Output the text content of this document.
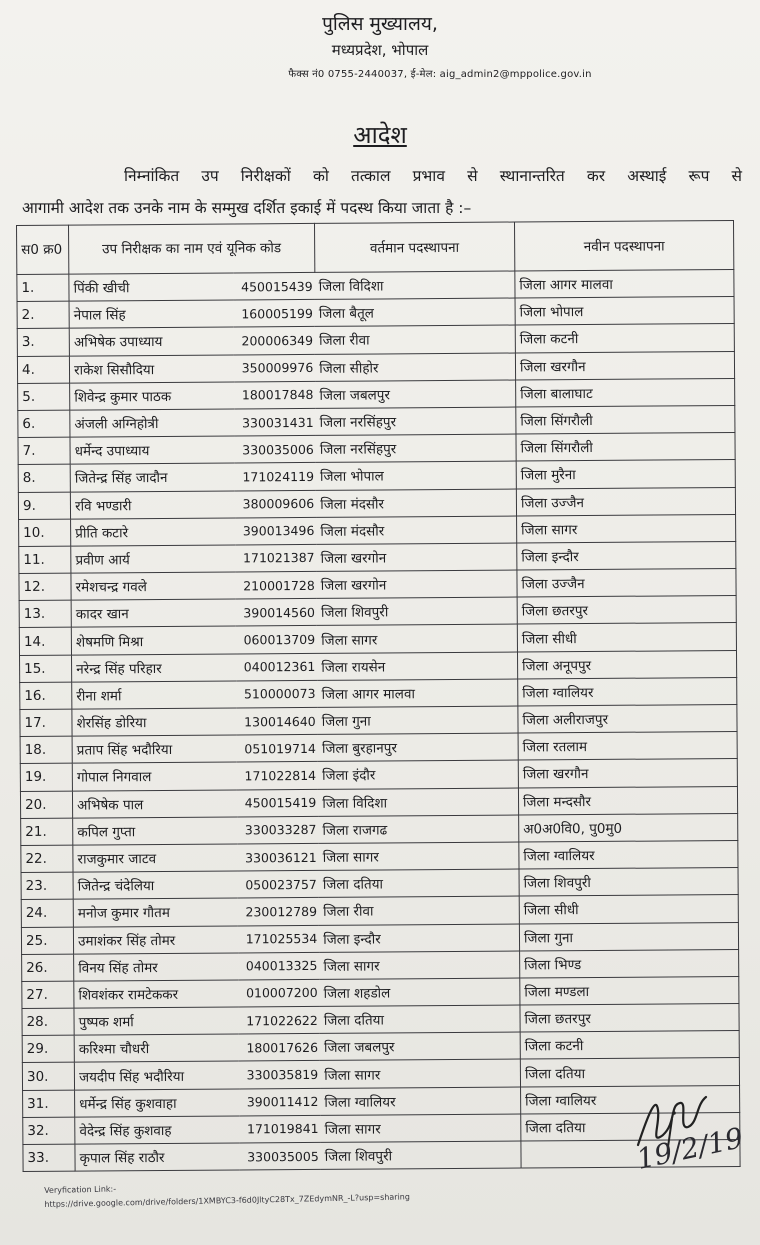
पुलिस मुख्यालय,
मध्यप्रदेश, भोपाल
फैक्स नं0 0755-2440037, ई-मेल: aig_admin2@mppolice.gov.in
आदेश
निम्नांकित उप निरीक्षकों को तत्काल प्रभाव से स्थानान्तरित कर अस्थाई रूप से
आगामी आदेश तक उनके नाम के सम्मुख दर्शित इकाई में पदस्थ किया जाता है :–
स0 क्र0	उप निरीक्षक का नाम एवं यूनिक कोड		वर्तमान पदस्थापना	नवीन पदस्थापना
1.	पिंकी खीची	450015439	जिला विदिशा	जिला आगर मालवा
2.	नेपाल सिंह	160005199	जिला बैतूल	जिला भोपाल
3.	अभिषेक उपाध्याय	200006349	जिला रीवा	जिला कटनी
4.	राकेश सिसौदिया	350009976	जिला सीहोर	जिला खरगौन
5.	शिवेन्द्र कुमार पाठक	180017848	जिला जबलपुर	जिला बालाघाट
6.	अंजली अग्निहोत्री	330031431	जिला नरसिंहपुर	जिला सिंगरौली
7.	धर्मेन्द उपाध्याय	330035006	जिला नरसिंहपुर	जिला सिंगरौली
8.	जितेन्द्र सिंह जादौन	171024119	जिला भोपाल	जिला मुरैना
9.	रवि भण्डारी	380009606	जिला मंदसौर	जिला उज्जैन
10.	प्रीति कटारे	390013496	जिला मंदसौर	जिला सागर
11.	प्रवीण आर्य	171021387	जिला खरगोन	जिला इन्दौर
12.	रमेशचन्द्र गवले	210001728	जिला खरगोन	जिला उज्जैन
13.	कादर खान	390014560	जिला शिवपुरी	जिला छतरपुर
14.	शेषमणि मिश्रा	060013709	जिला सागर	जिला सीधी
15.	नरेन्द्र सिंह परिहार	040012361	जिला रायसेन	जिला अनूपपुर
16.	रीना शर्मा	510000073	जिला आगर मालवा	जिला ग्वालियर
17.	शेरसिंह डोरिया	130014640	जिला गुना	जिला अलीराजपुर
18.	प्रताप सिंह भदौरिया	051019714	जिला बुरहानपुर	जिला रतलाम
19.	गोपाल निगवाल	171022814	जिला इंदौर	जिला खरगौन
20.	अभिषेक पाल	450015419	जिला विदिशा	जिला मन्दसौर
21.	कपिल गुप्ता	330033287	जिला राजगढ	अ0अ0वि0, पु0मु0
22.	राजकुमार जाटव	330036121	जिला सागर	जिला ग्वालियर
23.	जितेन्द्र चंदेलिया	050023757	जिला दतिया	जिला शिवपुरी
24.	मनोज कुमार गौतम	230012789	जिला रीवा	जिला सीधी
25.	उमाशंकर सिंह तोमर	171025534	जिला इन्दौर	जिला गुना
26.	विनय सिंह तोमर	040013325	जिला सागर	जिला भिण्ड
27.	शिवशंकर रामटेककर	010007200	जिला शहडोल	जिला मण्डला
28.	पुष्पक शर्मा	171022622	जिला दतिया	जिला छतरपुर
29.	करिश्मा चौधरी	180017626	जिला जबलपुर	जिला कटनी
30.	जयदीप सिंह भदौरिया	330035819	जिला सागर	जिला दतिया
31.	धर्मेन्द्र सिंह कुशवाहा	390011412	जिला ग्वालियर	जिला ग्वालियर
32.	वेदेन्द्र सिंह कुशवाह	171019841	जिला सागर	जिला दतिया
33.	कृपाल सिंह राठौर	330035005	जिला शिवपुरी		19/2/19
Veryfication Link:-
https://drive.google.com/drive/folders/1XMBYC3-f6d0JltyC28Tx_7ZEdymNR_-L?usp=sharing
